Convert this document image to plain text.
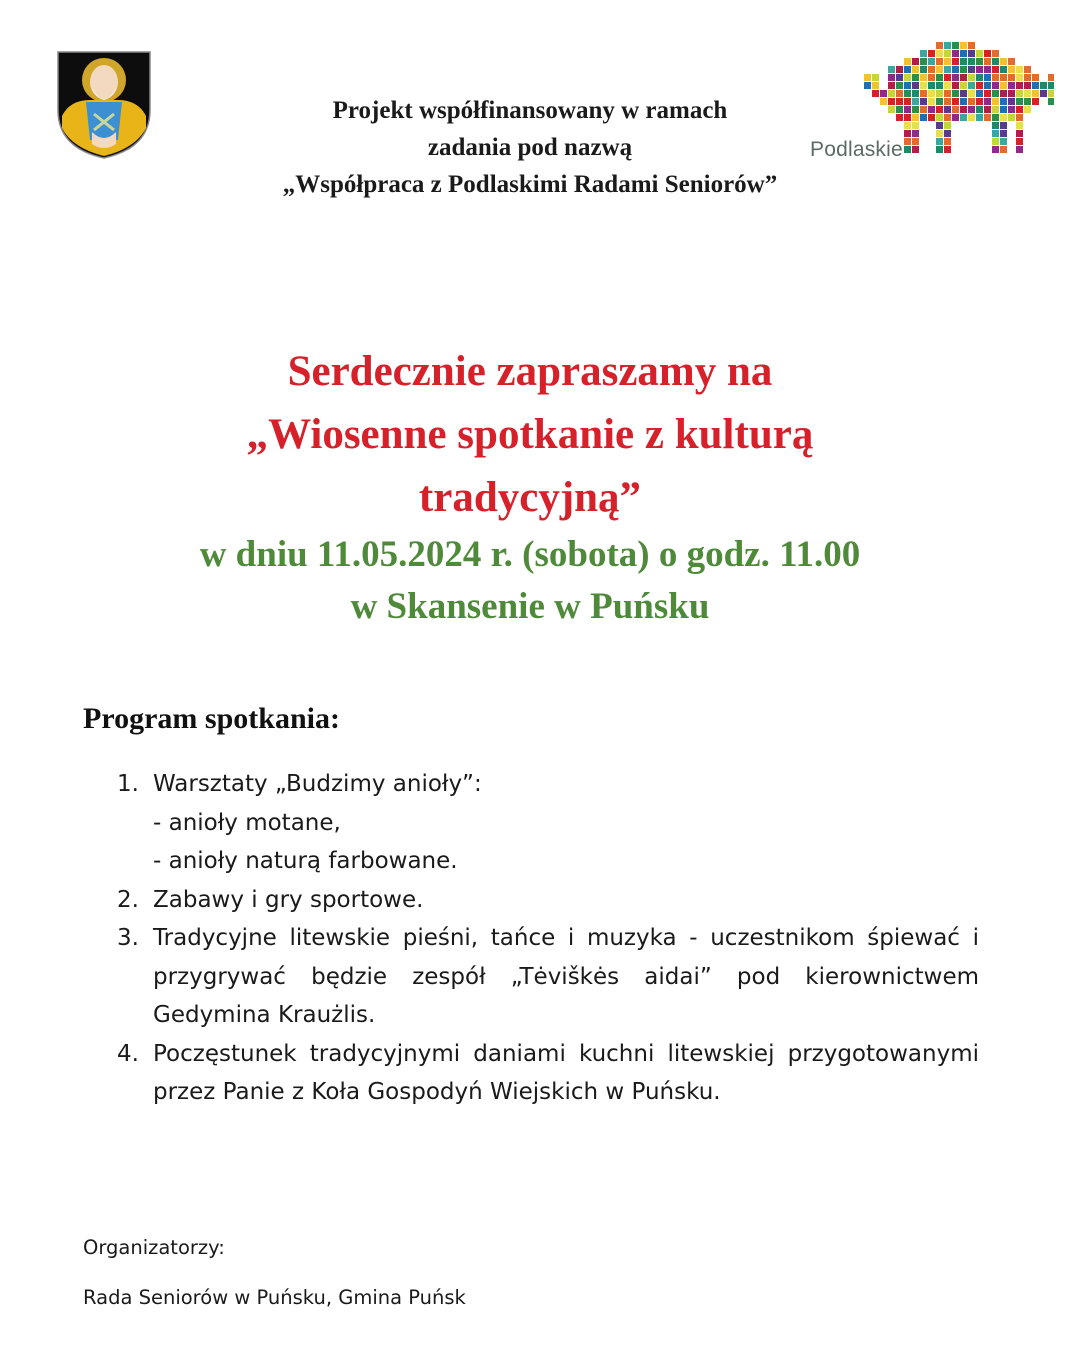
Podlaskie
Projekt współfinansowany w ramach
zadania pod nazwą
„Współpraca z Podlaskimi Radami Seniorów”
Serdecznie zapraszamy na
„Wiosenne spotkanie z kulturą
tradycyjną”
w dniu 11.05.2024 r. (sobota) o godz. 11.00
w Skansenie w Puńsku
Program spotkania:
1. Warsztaty „Budzimy anioły”:
- anioły motane,
- anioły naturą farbowane.
2. Zabawy i gry sportowe.
3. Tradycyjne litewskie pieśni, tańce i muzyka - uczestnikom śpiewać i przygrywać będzie zespół „Tėviškės aidai” pod kierownictwem Gedymina Kraużlis.
4. Poczęstunek tradycyjnymi daniami kuchni litewskiej przygotowanymi przez Panie z Koła Gospodyń Wiejskich w Puńsku.
Organizatorzy:
Rada Seniorów w Puńsku, Gmina Puńsk
